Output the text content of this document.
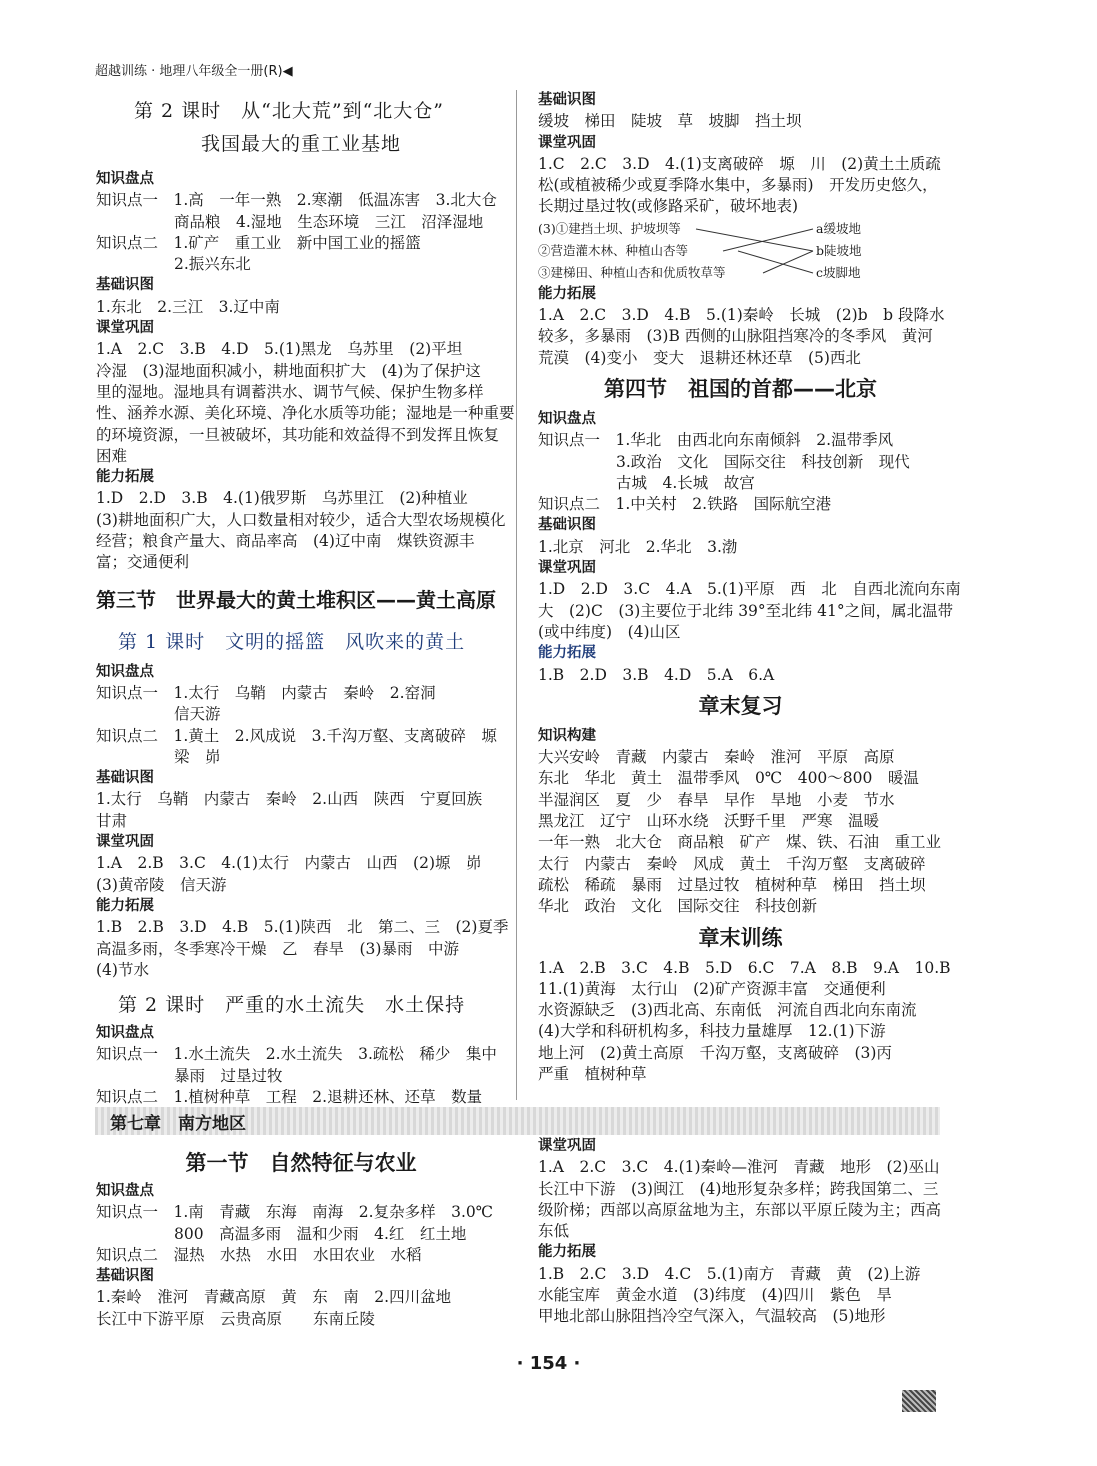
超越训练 · 地理八年级全一册(R)◀
第 2 课时　从“北大荒”到“北大仓”
我国最大的重工业基地
知识盘点
知识点一　1.高　一年一熟　2.寒潮　低温冻害　3.北大仓
商品粮　4.湿地　生态环境　三江　沼泽湿地
知识点二　1.矿产　重工业　新中国工业的摇篮
2.振兴东北
基础识图
1.东北　2.三江　3.辽中南
课堂巩固
1.A　2.C　3.B　4.D　5.(1)黑龙　乌苏里　(2)平坦
冷湿　(3)湿地面积减小，耕地面积扩大　(4)为了保护这
里的湿地。湿地具有调蓄洪水、调节气候、保护生物多样
性、涵养水源、美化环境、净化水质等功能；湿地是一种重要
的环境资源，一旦被破坏，其功能和效益得不到发挥且恢复
困难
能力拓展
1.D　2.D　3.B　4.(1)俄罗斯　乌苏里江　(2)种植业
(3)耕地面积广大，人口数量相对较少，适合大型农场规模化
经营；粮食产量大、商品率高　(4)辽中南　煤铁资源丰
富；交通便利
第三节　世界最大的黄土堆积区——黄土高原
第 1 课时　文明的摇篮　风吹来的黄土
知识盘点
知识点一　1.太行　乌鞘　内蒙古　秦岭　2.窑洞
信天游
知识点二　1.黄土　2.风成说　3.千沟万壑、支离破碎　塬
梁　峁
基础识图
1.太行　乌鞘　内蒙古　秦岭　2.山西　陕西　宁夏回族
甘肃
课堂巩固
1.A　2.B　3.C　4.(1)太行　内蒙古　山西　(2)塬　峁
(3)黄帝陵　信天游
能力拓展
1.B　2.B　3.D　4.B　5.(1)陕西　北　第二、三　(2)夏季
高温多雨，冬季寒冷干燥　乙　春旱　(3)暴雨　中游
(4)节水
第 2 课时　严重的水土流失　水土保持
知识盘点
知识点一　1.水土流失　2.水土流失　3.疏松　稀少　集中
暴雨　过垦过牧
知识点二　1.植树种草　工程　2.退耕还林、还草　数量
基础识图
缓坡　梯田　陡坡　草　坡脚　挡土坝
课堂巩固
1.C　2.C　3.D　4.(1)支离破碎　塬　川　(2)黄土土质疏
松(或植被稀少或夏季降水集中，多暴雨)　开发历史悠久，
长期过垦过牧(或修路采矿，破坏地表)
(3)①建挡土坝、护坡坝等
②营造灌木林、种植山杏等
③建梯田、种植山杏和优质牧草等
a缓坡地
b陡坡地
c坡脚地
能力拓展
1.A　2.C　3.D　4.B　5.(1)秦岭　长城　(2)b　b 段降水
较多，多暴雨　(3)B 西侧的山脉阻挡寒冷的冬季风　黄河
荒漠　(4)变小　变大　退耕还林还草　(5)西北
第四节　祖国的首都——北京
知识盘点
知识点一　1.华北　由西北向东南倾斜　2.温带季风
3.政治　文化　国际交往　科技创新　现代
古城　4.长城　故宫
知识点二　1.中关村　2.铁路　国际航空港
基础识图
1.北京　河北　2.华北　3.渤
课堂巩固
1.D　2.D　3.C　4.A　5.(1)平原　西　北　自西北流向东南
大　(2)C　(3)主要位于北纬 39°至北纬 41°之间，属北温带
(或中纬度)　(4)山区
能力拓展
1.B　2.D　3.B　4.D　5.A　6.A
章末复习
知识构建
大兴安岭　青藏　内蒙古　秦岭　淮河　平原　高原
东北　华北　黄土　温带季风　0℃　400～800　暖温
半湿润区　夏　少　春旱　早作　旱地　小麦　节水
黑龙江　辽宁　山环水绕　沃野千里　严寒　温暖
一年一熟　北大仓　商品粮　矿产　煤、铁、石油　重工业
太行　内蒙古　秦岭　风成　黄土　千沟万壑　支离破碎
疏松　稀疏　暴雨　过垦过牧　植树种草　梯田　挡土坝
华北　政治　文化　国际交往　科技创新
章末训练
1.A　2.B　3.C　4.B　5.D　6.C　7.A　8.B　9.A　10.B
11.(1)黄海　太行山　(2)矿产资源丰富　交通便利
水资源缺乏　(3)西北高、东南低　河流自西北向东南流
(4)大学和科研机构多，科技力量雄厚　12.(1)下游
地上河　(2)黄土高原　千沟万壑，支离破碎　(3)丙
严重　植树种草
第七章　南方地区
第一节　自然特征与农业
知识盘点
知识点一　1.南　青藏　东海　南海　2.复杂多样　3.0℃
800　高温多雨　温和少雨　4.红　红土地
知识点二　湿热　水热　水田　水田农业　水稻
基础识图
1.秦岭　淮河　青藏高原　黄　东　南　2.四川盆地
长江中下游平原　云贵高原　　东南丘陵
课堂巩固
1.A　2.C　3.C　4.(1)秦岭—淮河　青藏　地形　(2)巫山
长江中下游　(3)闽江　(4)地形复杂多样；跨我国第二、三
级阶梯；西部以高原盆地为主，东部以平原丘陵为主；西高
东低
能力拓展
1.B　2.C　3.D　4.C　5.(1)南方　青藏　黄　(2)上游
水能宝库　黄金水道　(3)纬度　(4)四川　紫色　旱
甲地北部山脉阻挡冷空气深入，气温较高　(5)地形
· 154 ·
